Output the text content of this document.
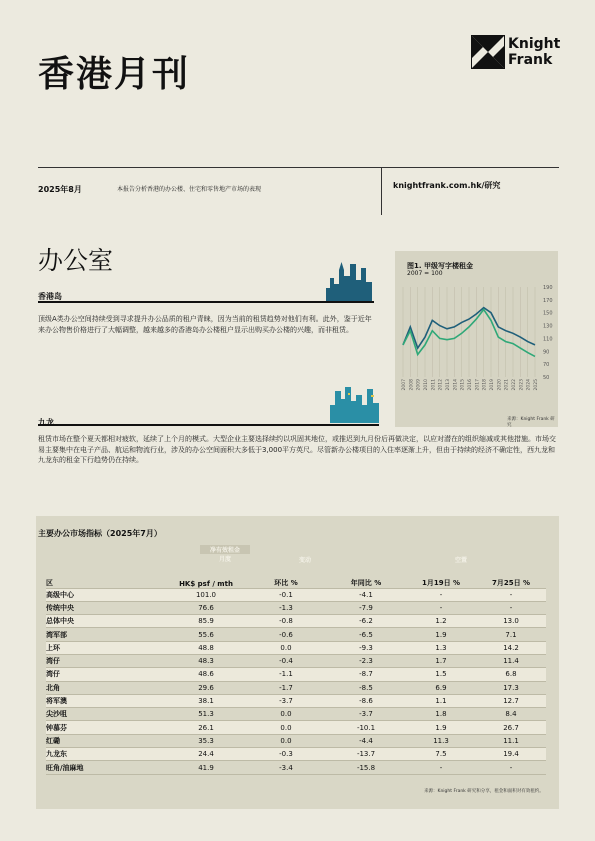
香港月刊
Knight
Frank
2025年8月	本报告分析香港的办公楼、住宅和零售地产市场的表现	knightfrank.com.hk/研究
办公室
香港岛
顶级A类办公空间持续受到寻求提升办公品质的租户青睐，因为当前的租赁趋势对他们有利。此外，鉴于近年来办公物售价格进行了大幅调整，越来越多的香港岛办公楼租户显示出购买办公楼的兴趣，而非租赁。
九龙
租赁市场在整个夏天都相对疲软，延续了上个月的模式。大型企业主要选择续约以巩固其地位，或推迟到九月份后再做决定，以应对潜在的组织缩减或其他措施。市场交易主要集中在电子产品、航运和物流行业，涉及的办公空间面积大多低于3,000平方英尺。尽管新办公楼项目的入住率逐渐上升，但由于持续的经济不确定性，西九龙和九龙东的租金下行趋势仍在持续。
图1. 甲级写字楼租金
2007 = 100
50
70
90
110
130
150
170
190
2007 2008 2009 2010 2011 2012 2013 2014 2015 2016 2017 2018 2019 2020 2021 2022 2023 2024 2025
来源：Knight Frank 研究
主要办公市场指标（2025年7月）
净有效租金
变动	空置
月度
区	HK$ psf / mth	环比 %	年同比 %	1月19日 %	7月25日 %
高级中心	101.0	-0.1	-4.1	-	-
传统中央	76.6	-1.3	-7.9	-	-
总体中央	85.9	-0.8	-6.2	1.2	13.0
湾军部	55.6	-0.6	-6.5	1.9	7.1
上环	48.8	0.0	-9.3	1.3	14.2
湾仔	48.3	-0.4	-2.3	1.7	11.4
湾仔	48.6	-1.1	-8.7	1.5	6.8
北角	29.6	-1.7	-8.5	6.9	17.3
将军澳	38.1	-3.7	-8.6	1.1	12.7
尖沙咀	51.3	0.0	-3.7	1.8	8.4
钟慕芬	26.1	0.0	-10.1	1.9	26.7
红磡	35.3	0.0	-4.4	11.3	11.1
九龙东	24.4	-0.3	-13.7	7.5	19.4
旺角/油麻地	41.9	-3.4	-15.8	-	-
来源：Knight Frank 研究和分享，租金和面积对有效租约。
